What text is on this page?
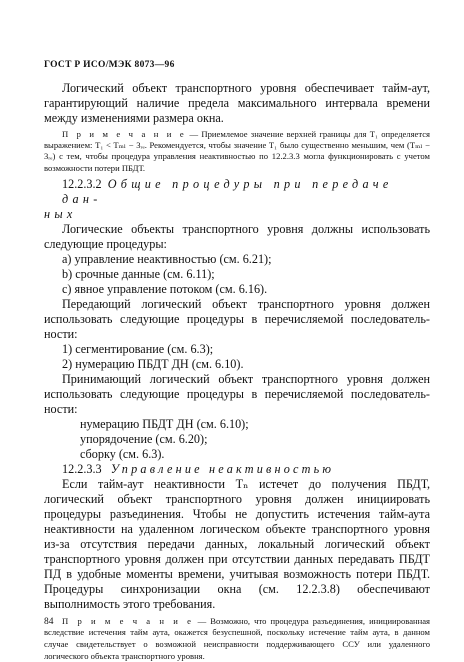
ГОСТ Р ИСО/МЭК 8073—96

Логический объект транспортного уровня обеспечивает тайм-аут, гарантирующий наличие предела максимального интервала времени между изменениями размера окна.

П р и м е ч а н и е — Приемлемое значение верхней границы для T₁ определяется выражением: T₁ < Tₘₗ − 3ᵣₑ. Рекомендуется, чтобы значение T₁ было существенно меньшим, чем (Tₘₗ − 3ᵣₑ) с тем, чтобы процедура управления неактивностью по 12.2.3.3 могла функционировать с учетом возможности потери ПБДТ.

12.2.3.2 Общие процедуры при передаче дан-

ных

Логические объекты транспортного уровня должны использовать следующие процедуры:

a) управление неактивностью (см. 6.21);

b) срочные данные (см. 6.11);

c) явное управление потоком (см. 6.16).

Передающий логический объект транспортного уровня должен использовать следующие процедуры в перечисляемой последователь-ности:

1) сегментирование (см. 6.3);

2) нумерацию ПБДТ ДН (см. 6.10).

Принимающий логический объект транспортного уровня должен использовать следующие процедуры в перечисляемой последователь-ности:

нумерацию ПБДТ ДН (см. 6.10);

упорядочение (см. 6.20);

сборку (см. 6.3).

12.2.3.3 Управление неактивностью

Если тайм-аут неактивности Tₙ истечет до получения ПБДТ, логический объект транспортного уровня должен инициировать процедуры разъединения. Чтобы не допустить истечения тайм-аута неактивности на удаленном логическом объекте транспортного уровня из-за отсутствия передачи данных, локальный логический объект транспортного уровня должен при отсутствии данных передавать ПБДТ ПД в удобные моменты времени, учитывая возможность потери ПБДТ. Процедуры синхронизации окна (см. 12.2.3.8) обеспечивают выполнимость этого требования.

П р и м е ч а н и е — Возможно, что процедура разъединения, инициированная вследствие истечения тайм аута, окажется безуспешной, поскольку истечение тайм аута, в данном случае свидетельствует о возможной неисправности поддерживающего ССУ или удаленного логического объекта транспортного уровня.

84
